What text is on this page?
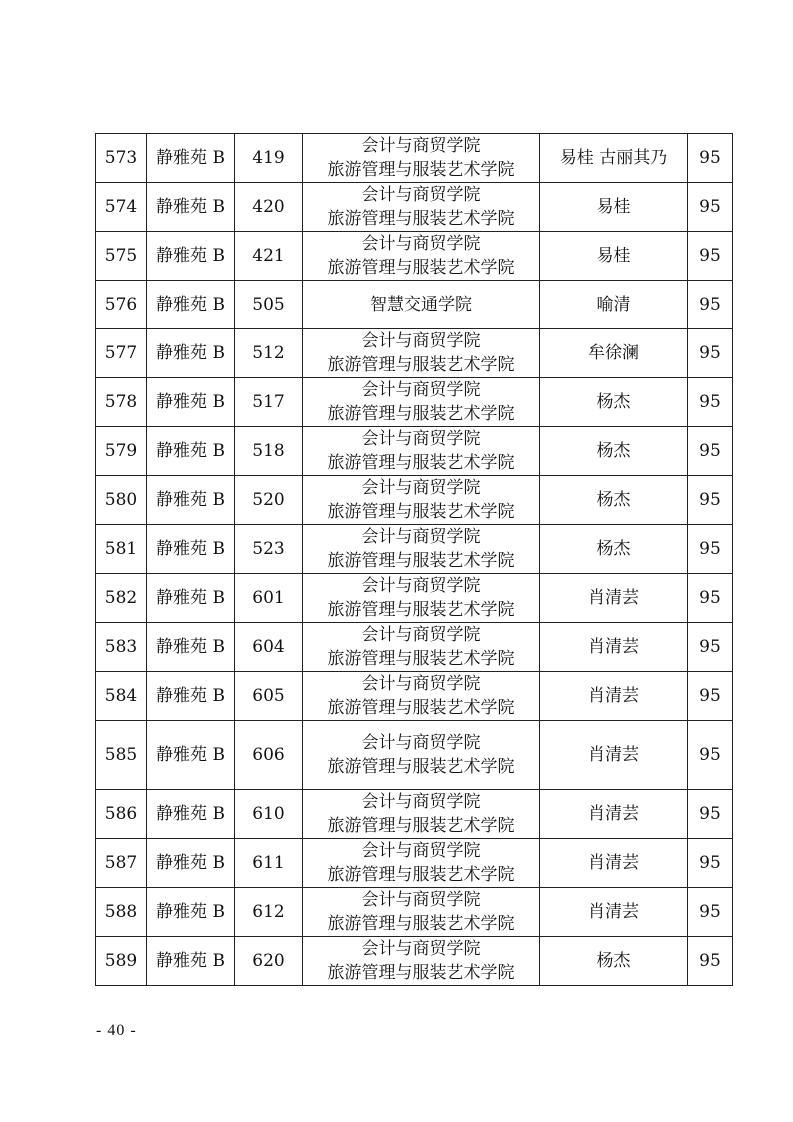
573	静雅苑 B	419	会计与商贸学院
旅游管理与服装艺术学院	易桂 古丽其乃	95
574	静雅苑 B	420	会计与商贸学院
旅游管理与服装艺术学院	易桂	95
575	静雅苑 B	421	会计与商贸学院
旅游管理与服装艺术学院	易桂	95
576	静雅苑 B	505	智慧交通学院	喻清	95
577	静雅苑 B	512	会计与商贸学院
旅游管理与服装艺术学院	牟徐澜	95
578	静雅苑 B	517	会计与商贸学院
旅游管理与服装艺术学院	杨杰	95
579	静雅苑 B	518	会计与商贸学院
旅游管理与服装艺术学院	杨杰	95
580	静雅苑 B	520	会计与商贸学院
旅游管理与服装艺术学院	杨杰	95
581	静雅苑 B	523	会计与商贸学院
旅游管理与服装艺术学院	杨杰	95
582	静雅苑 B	601	会计与商贸学院
旅游管理与服装艺术学院	肖清芸	95
583	静雅苑 B	604	会计与商贸学院
旅游管理与服装艺术学院	肖清芸	95
584	静雅苑 B	605	会计与商贸学院
旅游管理与服装艺术学院	肖清芸	95
585	静雅苑 B	606	会计与商贸学院
旅游管理与服装艺术学院	肖清芸	95
586	静雅苑 B	610	会计与商贸学院
旅游管理与服装艺术学院	肖清芸	95
587	静雅苑 B	611	会计与商贸学院
旅游管理与服装艺术学院	肖清芸	95
588	静雅苑 B	612	会计与商贸学院
旅游管理与服装艺术学院	肖清芸	95
589	静雅苑 B	620	会计与商贸学院
旅游管理与服装艺术学院	杨杰	95
- 40 -
